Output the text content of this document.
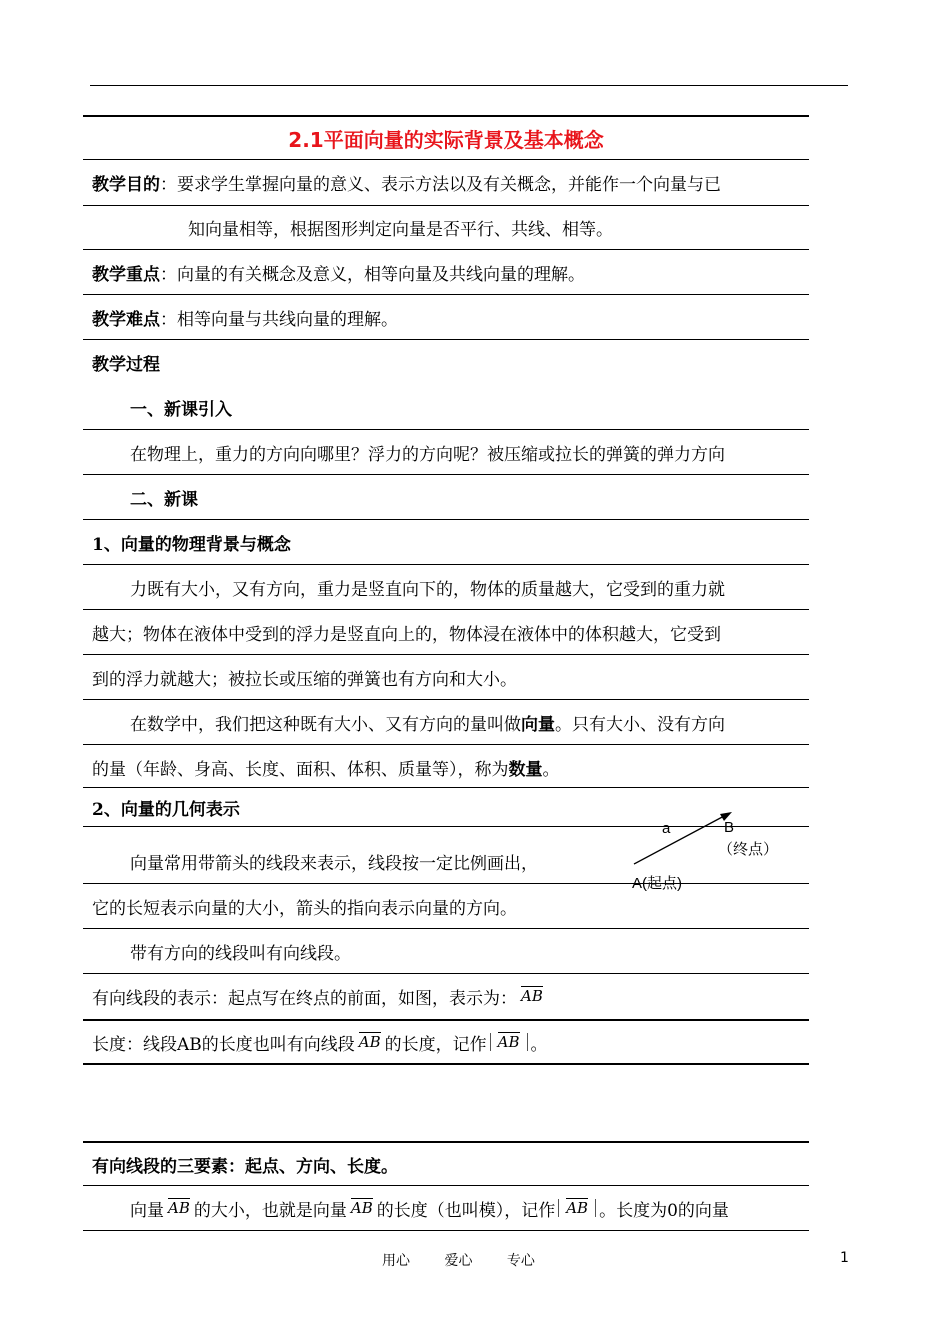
2.1平面向量的实际背景及基本概念
教学目的 ：要求学生掌握向量的意义、表示方法以及有关概念，并能作一个向量与已
知向量相等，根据图形判定向量是否平行、共线、相等。
教学重点 ：向量的有关概念及意义，相等向量及共线向量的理解。
教学难点 ：相等向量与共线向量的理解。
教学过程
一、新课引入
在物理上，重力的方向向哪里？浮力的方向呢？被压缩或拉长的弹簧的弹力方向
二、新课
1、向量的物理背景与概念
力既有大小，又有方向，重力是竖直向下的，物体的质量越大，它受到的重力就
越大；物体在液体中受到的浮力是竖直向上的，物体浸在液体中的体积越大，它受到
到的浮力就越大；被拉长或压缩的弹簧也有方向和大小。
在数学中，我们把这种既有大小、又有方向的量叫做 向量 。只有大小、没有方向
的量（年龄、身高、长度、面积、体积、质量等），称为 数量 。
2、向量的几何表示
向量常用带箭头的线段来表示，线段按一定比例画出，
它的长短表示向量的大小，箭头的指向表示向量的方向。
带有方向的线段叫有向线段。
有向线段的表示：起点写在终点的前面，如图，表示为： AB
长度：线段AB的长度也叫有向线段 AB 的长度，记作 AB 。
a	B
（终点）
A(起点)
有向线段的三要素：起点、方向、长度。
向量 AB 的大小，也就是向量 AB 的长度（也叫模），记作 AB 。长度为0的向量
用心 爱心 专心	1
